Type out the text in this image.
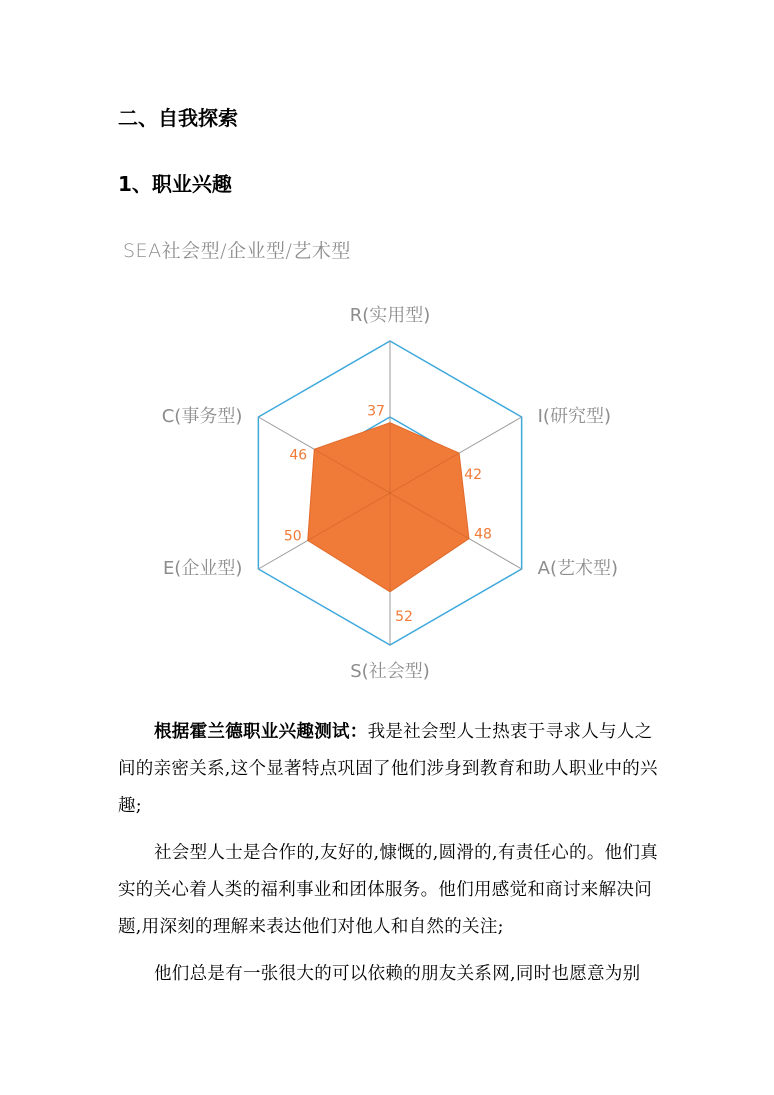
二、自我探索
1、职业兴趣
SEA社会型/企业型/艺术型
R(实用型)
I(研究型)
A(艺术型)
S(社会型)
E(企业型)
C(事务型)	37
42
48
52
50
46

根据霍兰德职业兴趣测试：我是社会型人士热衷于寻求人与人之间的亲密关系,这个显著特点巩固了他们涉身到教育和助人职业中的兴趣;

社会型人士是合作的,友好的,慷慨的,圆滑的,有责任心的。他们真实的关心着人类的福利事业和团体服务。他们用感觉和商讨来解决问题,用深刻的理解来表达他们对他人和自然的关注;

他们总是有一张很大的可以依赖的朋友关系网,同时也愿意为别
